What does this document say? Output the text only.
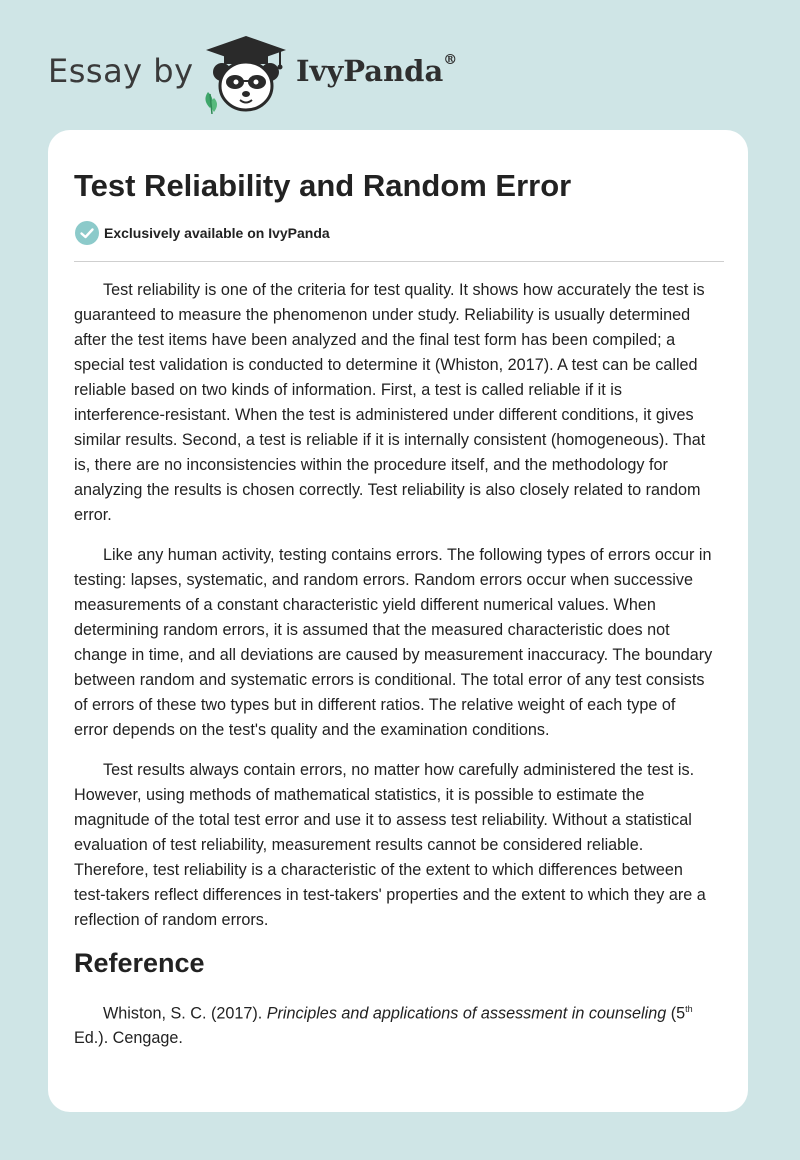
Essay by	IvyPanda®
Test Reliability and Random Error
Exclusively available on IvyPanda

Test reliability is one of the criteria for test quality. It shows how accurately the test is guaranteed to measure the phenomenon under study. Reliability is usually determined after the test items have been analyzed and the final test form has been compiled; a special test validation is conducted to determine it (Whiston, 2017). A test can be called reliable based on two kinds of information. First, a test is called reliable if it is interference-resistant. When the test is administered under different conditions, it gives similar results. Second, a test is reliable if it is internally consistent (homogeneous). That is, there are no inconsistencies within the procedure itself, and the methodology for analyzing the results is chosen correctly. Test reliability is also closely related to random error.

Like any human activity, testing contains errors. The following types of errors occur in testing: lapses, systematic, and random errors. Random errors occur when successive measurements of a constant characteristic yield different numerical values. When determining random errors, it is assumed that the measured characteristic does not change in time, and all deviations are caused by measurement inaccuracy. The boundary between random and systematic errors is conditional. The total error of any test consists of errors of these two types but in different ratios. The relative weight of each type of error depends on the test's quality and the examination conditions.

Test results always contain errors, no matter how carefully administered the test is. However, using methods of mathematical statistics, it is possible to estimate the magnitude of the total test error and use it to assess test reliability. Without a statistical evaluation of test reliability, measurement results cannot be considered reliable. Therefore, test reliability is a characteristic of the extent to which differences between test-takers reflect differences in test-takers' properties and the extent to which they are a reflection of random errors.

Reference

Whiston, S. C. (2017). Principles and applications of assessment in counseling (5th Ed.). Cengage.
